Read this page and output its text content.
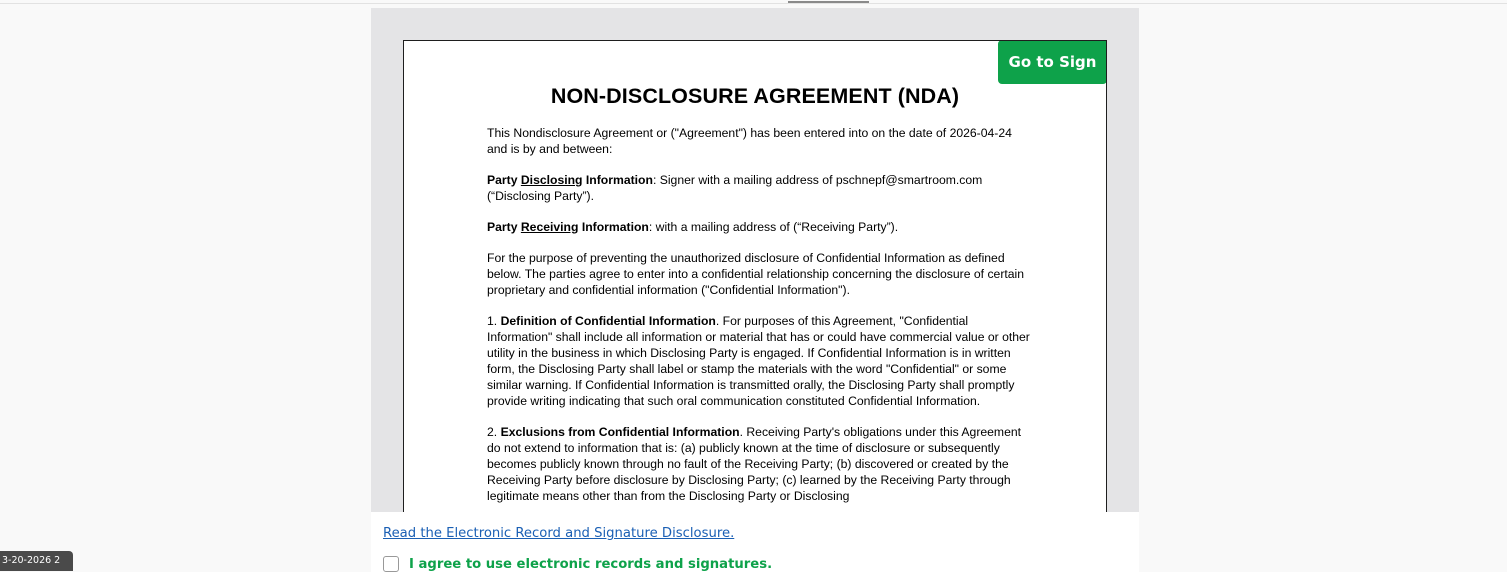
Go to Sign
NON-DISCLOSURE AGREEMENT (NDA)

This Nondisclosure Agreement or ("Agreement") has been entered into on the date of 2026-04-24 and is by and between:

Party Disclosing Information: Signer with a mailing address of pschnepf@smartroom.com (“Disclosing Party”).

Party Receiving Information: with a mailing address of (“Receiving Party”).

For the purpose of preventing the unauthorized disclosure of Confidential Information as defined below. The parties agree to enter into a confidential relationship concerning the disclosure of certain proprietary and confidential information ("Confidential Information").

1. Definition of Confidential Information. For purposes of this Agreement, "Confidential Information" shall include all information or material that has or could have commercial value or other utility in the business in which Disclosing Party is engaged. If Confidential Information is in written form, the Disclosing Party shall label or stamp the materials with the word "Confidential" or some similar warning. If Confidential Information is transmitted orally, the Disclosing Party shall promptly provide writing indicating that such oral communication constituted Confidential Information.

2. Exclusions from Confidential Information. Receiving Party's obligations under this Agreement do not extend to information that is: (a) publicly known at the time of disclosure or subsequently becomes publicly known through no fault of the Receiving Party; (b) discovered or created by the Receiving Party before disclosure by Disclosing Party; (c) learned by the Receiving Party through legitimate means other than from the Disclosing Party or Disclosing

Read the Electronic Record and Signature Disclosure.
I agree to use electronic records and signatures.
3-20-2026 2
